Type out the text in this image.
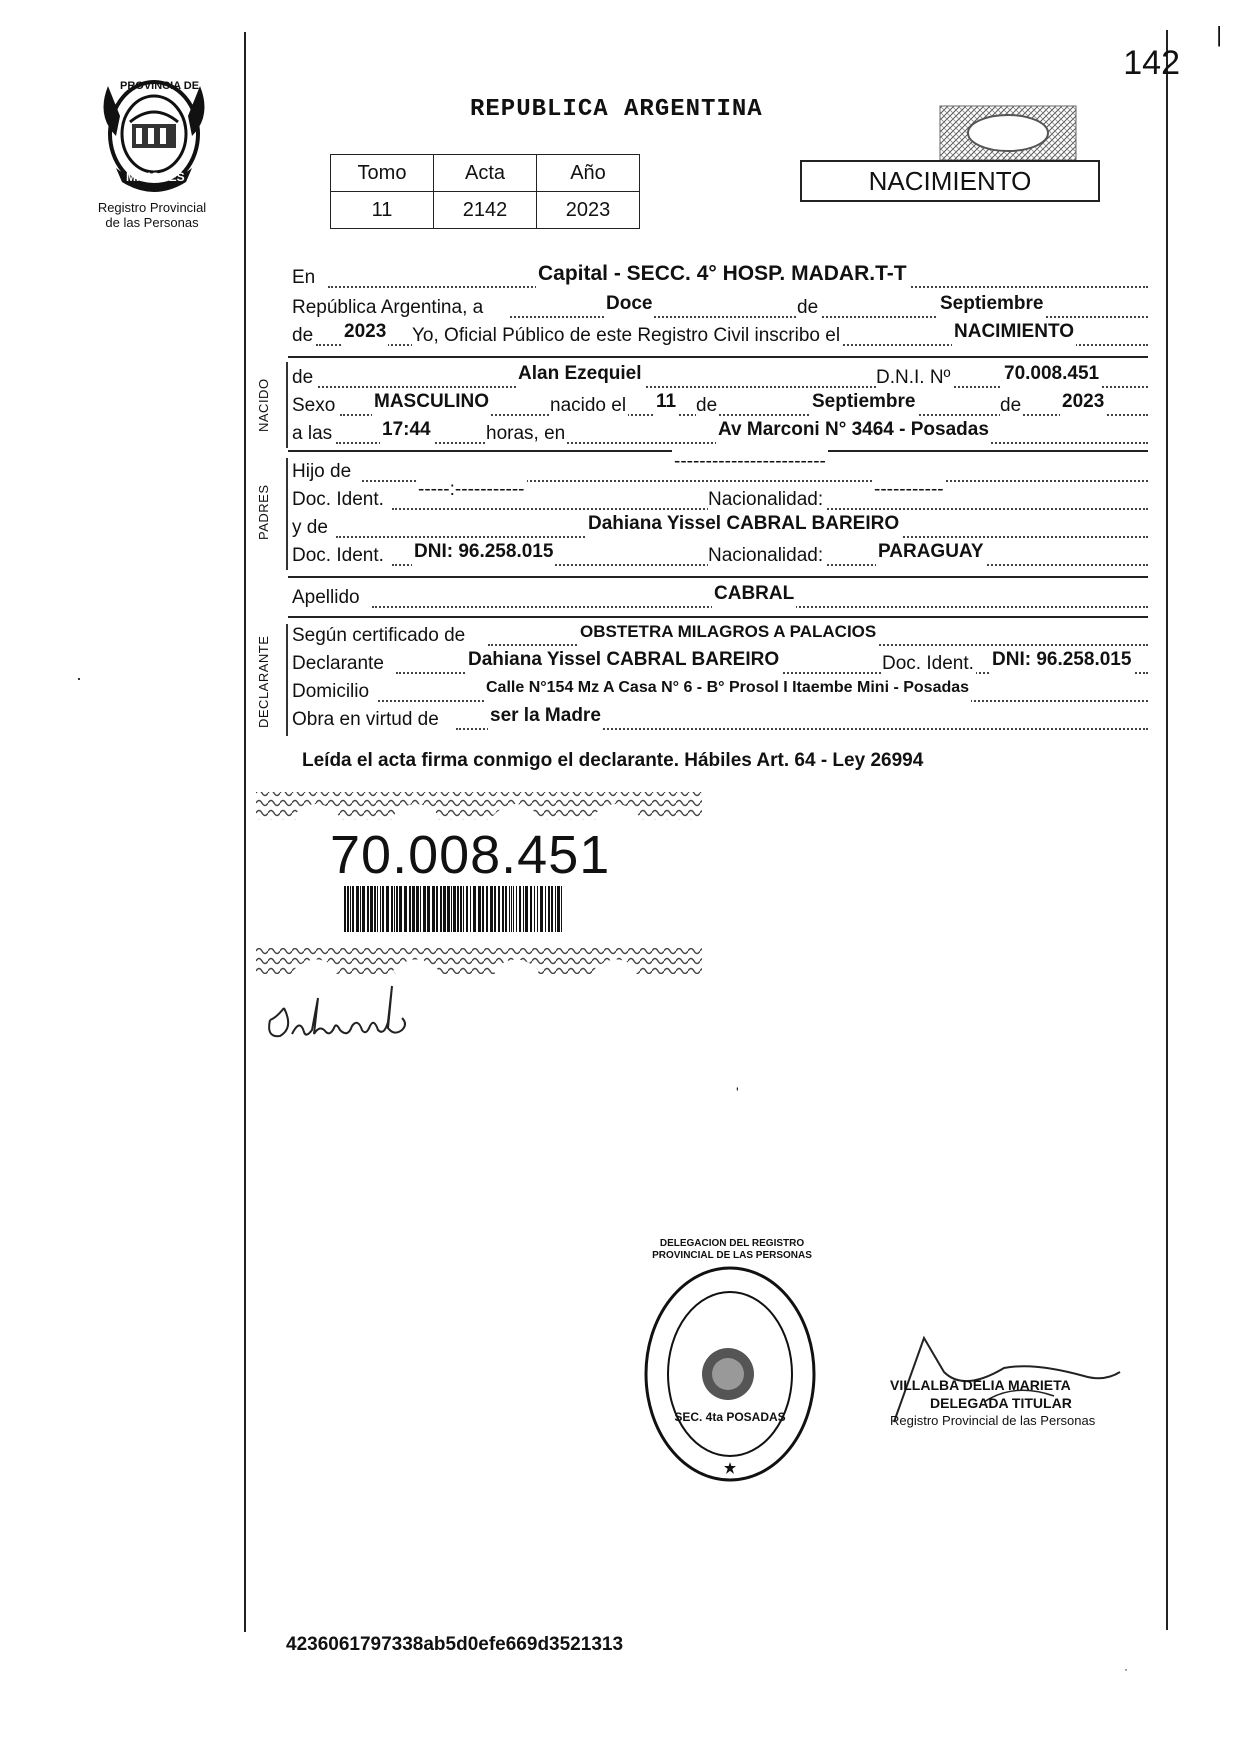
|
142
PROVINCIA DE
MISIONES
Registro Provincial
de las Personas
REPUBLICA ARGENTINA
Tomo	Acta	Año
11	2142	2023
NACIMIENTO
En	Capital - SECC. 4° HOSP. MADAR.T-T
República Argentina, a	Doce	de	Septiembre
de 2023 Yo, Oficial Público de este Registro Civil inscribo el	NACIMIENTO
NACIDO
de	Alan Ezequiel	D.N.I. Nº	70.008.451
Sexo MASCULINO	nacido el 11 de	Septiembre	de 2023
a las	17:44	horas, en	Av Marconi N° 3464 - Posadas
PADRES
Hijo de	------------------------
Doc. Ident. -----:-----------	Nacionalidad:	-----------
y de	Dahiana Yissel CABRAL BAREIRO
Doc. Ident. DNI: 96.258.015	Nacionalidad:	PARAGUAY
Apellido	CABRAL
DECLARANTE
Según certificado de	OBSTETRA MILAGROS A PALACIOS
Declarante	Dahiana Yissel CABRAL BAREIRO	Doc. Ident. DNI: 96.258.015
Domicilio	Calle N°154 Mz A Casa N° 6 - B° Prosol I Itaembe Mini - Posadas
Obra en virtud de	ser la Madre
Leída el acta firma conmigo el declarante. Hábiles Art. 64 - Ley 26994
70.008.451
DELEGACION DEL REGISTRO PROVINCIAL DE LAS PERSONAS
SEC. 4ta POSADAS
VILLALBA DELIA MARIETA
DELEGADA TITULAR
Registro Provincial de las Personas
·
'
·
4236061797338ab5d0efe669d3521313
